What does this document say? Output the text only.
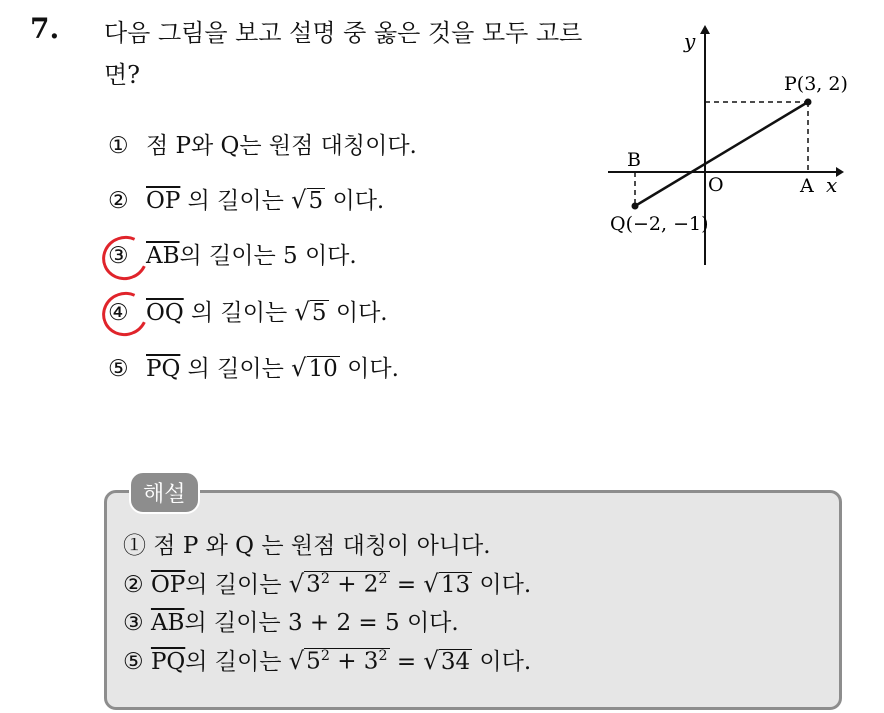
7. 다음 그림을 보고 설명 중 옳은 것을 모두 고르면?
① 점 P와 Q는 원점 대칭이다.
② $\overline{OP}$ 의 길이는 √5 이다.
③ $\overline{AB}$의 길이는 5 이다.
④ $\overline{OQ}$ 의 길이는 √5 이다.
⑤ $\overline{PQ}$ 의 길이는 √10 이다.
y
x
O
P(3, 2)
A
B
Q(−2, −1)
해설
① 점 P 와 Q 는 원점 대칭이 아니다.
② $\overline{OP}$의 길이는 $√3^2 + 2^2 = √13$ 이다.
③ $\overline{AB}$의 길이는 3 + 2 = 5 이다.
⑤ $\overline{PQ}$의 길이는 $√5^2 + 3^2 = √34$ 이다.
